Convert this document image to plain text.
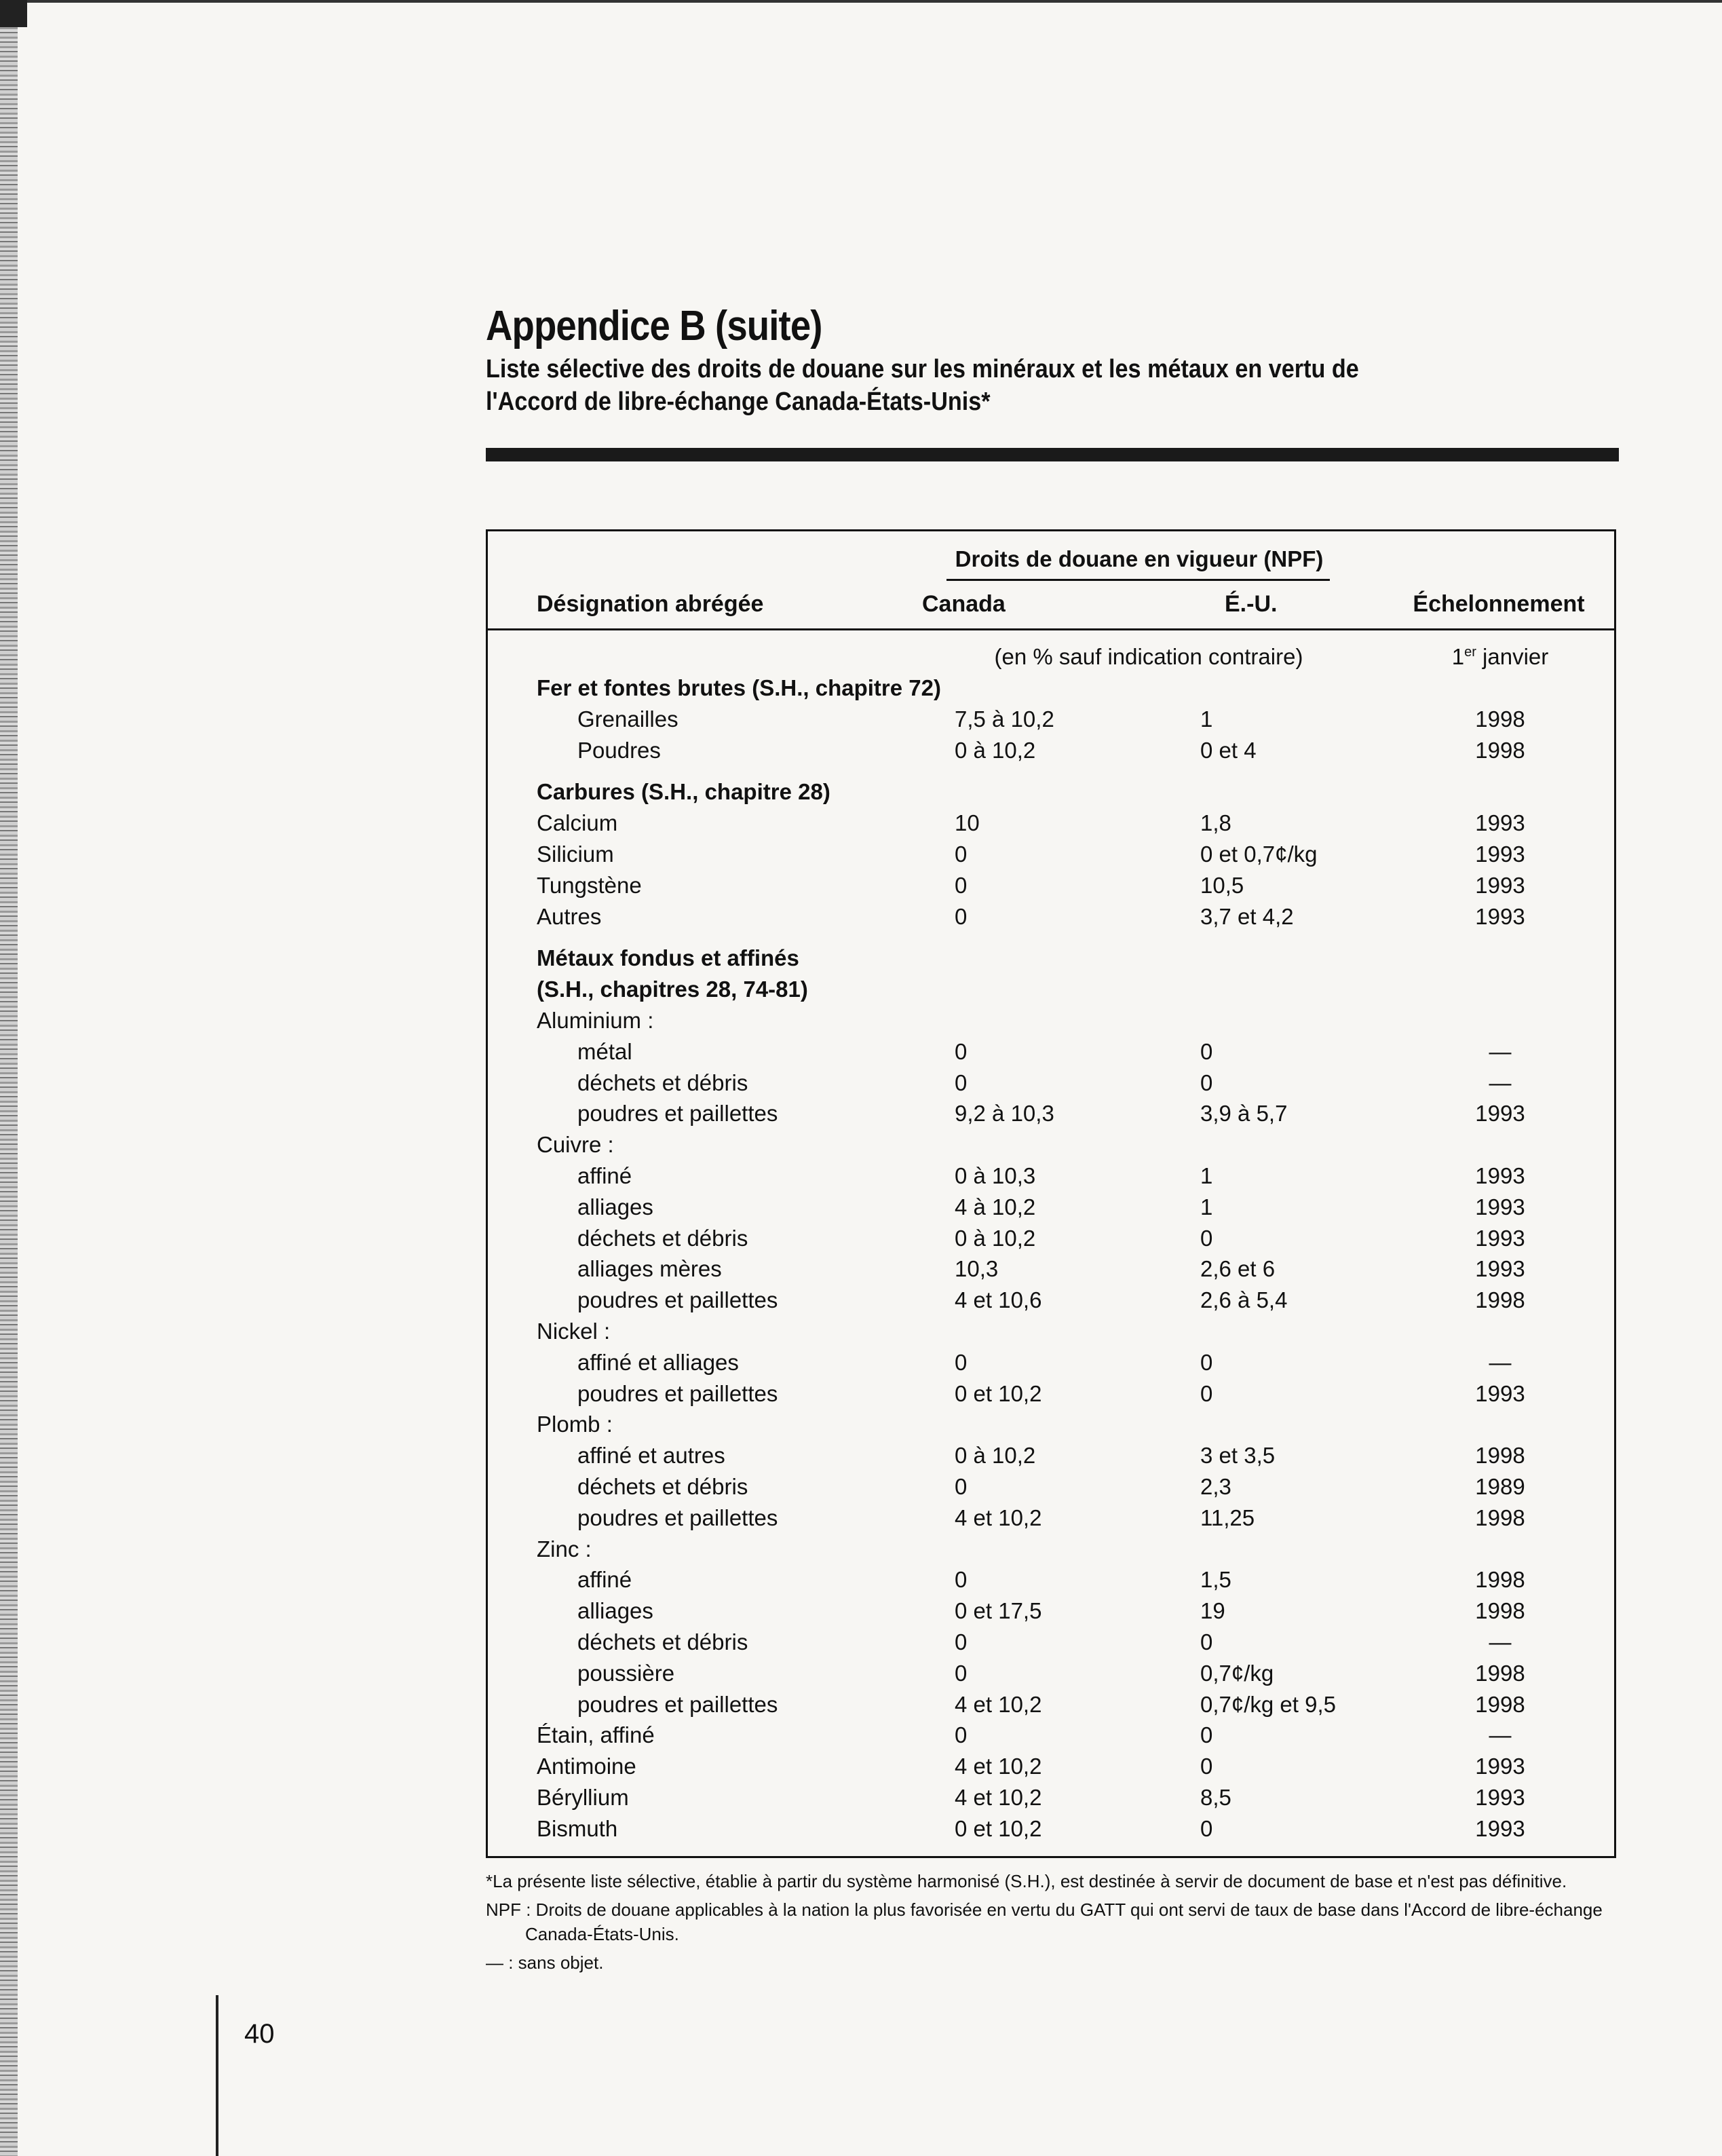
40
Appendice B (suite)
Liste sélective des droits de douane sur les minéraux et les métaux en vertu de
l'Accord de libre-échange Canada-États-Unis*
Droits de douane en vigueur (NPF)
Désignation abrégée	Canada	É.-U.	Échelonnement
(en % sauf indication contraire)	1er janvier
Fer et fontes brutes (S.H., chapitre 72)
Grenailles	7,5 à 10,2	1	1998
Poudres	0 à 10,2	0 et 4	1998
Carbures (S.H., chapitre 28)
Calcium	10	1,8	1993
Silicium	0	0 et 0,7¢/kg	1993
Tungstène	0	10,5	1993
Autres	0	3,7 et 4,2	1993
Métaux fondus et affinés
(S.H., chapitres 28, 74-81)
Aluminium :
métal	0	0	—
déchets et débris	0	0	—
poudres et paillettes	9,2 à 10,3	3,9 à 5,7	1993
Cuivre :
affiné	0 à 10,3	1	1993
alliages	4 à 10,2	1	1993
déchets et débris	0 à 10,2	0	1993
alliages mères	10,3	2,6 et 6	1993
poudres et paillettes	4 et 10,6	2,6 à 5,4	1998
Nickel :
affiné et alliages	0	0	—
poudres et paillettes	0 et 10,2	0	1993
Plomb :
affiné et autres	0 à 10,2	3 et 3,5	1998
déchets et débris	0	2,3	1989
poudres et paillettes	4 et 10,2	11,25	1998
Zinc :
affiné	0	1,5	1998
alliages	0 et 17,5	19	1998
déchets et débris	0	0	—
poussière	0	0,7¢/kg	1998
poudres et paillettes	4 et 10,2	0,7¢/kg et 9,5	1998
Étain, affiné	0	0	—
Antimoine	4 et 10,2	0	1993
Béryllium	4 et 10,2	8,5	1993
Bismuth	0 et 10,2	0	1993

*La présente liste sélective, établie à partir du système harmonisé (S.H.), est destinée à servir de document de base et n'est pas définitive.

NPF : Droits de douane applicables à la nation la plus favorisée en vertu du GATT qui ont servi de taux de base dans l'Accord de libre-échange Canada-États-Unis.

— : sans objet.
